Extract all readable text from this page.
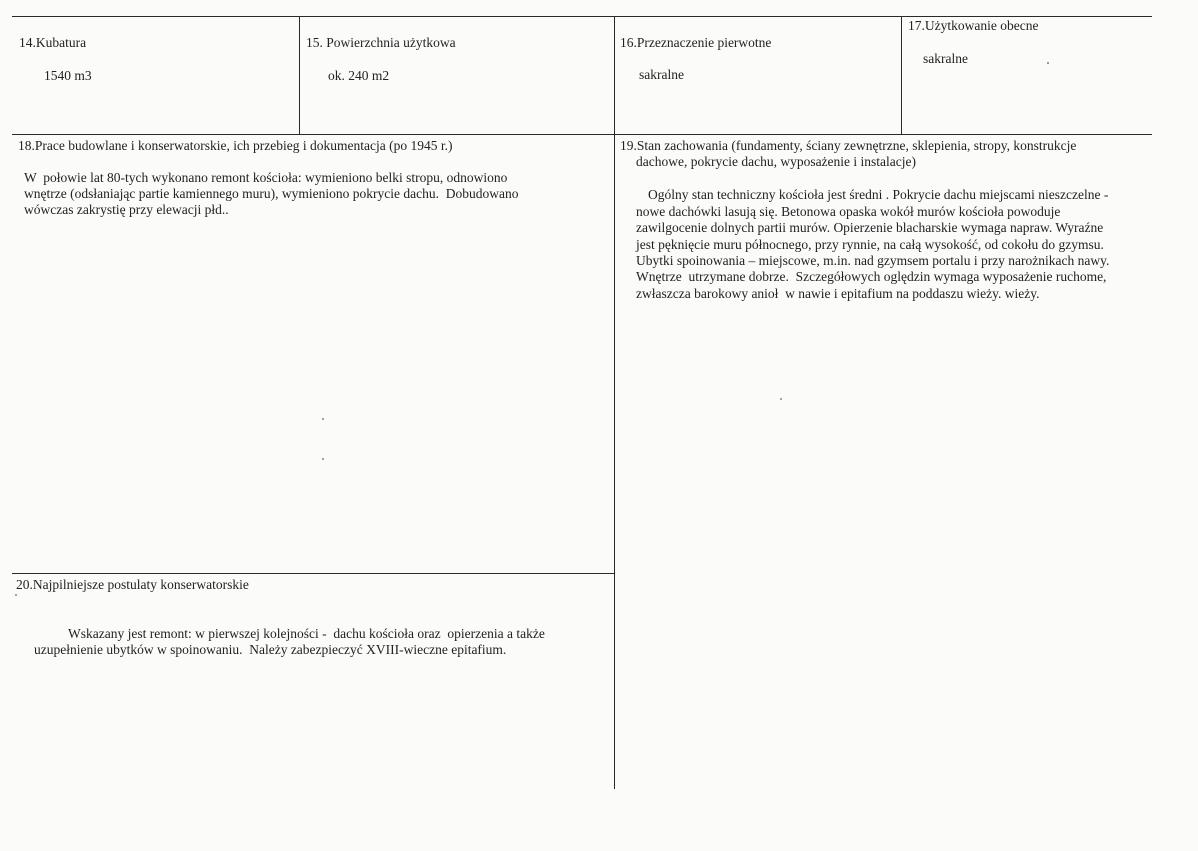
14.Kubatura
1540 m3
15. Powierzchnia użytkowa
ok. 240 m2
16.Przeznaczenie pierwotne
sakralne
17.Użytkowanie obecne
sakralne
18.Prace budowlane i konserwatorskie, ich przebieg i dokumentacja (po 1945 r.)
W  połowie lat 80-tych wykonano remont kościoła: wymieniono belki stropu, odnowiono
wnętrze (odsłaniając partie kamiennego muru), wymieniono pokrycie dachu.  Dobudowano
wówczas zakrystię przy elewacji płd..
19.Stan zachowania (fundamenty, ściany zewnętrzne, sklepienia, stropy, konstrukcje
dachowe, pokrycie dachu, wyposażenie i instalacje)
Ogólny stan techniczny kościoła jest średni . Pokrycie dachu miejscami nieszczelne -
nowe dachówki lasują się. Betonowa opaska wokół murów kościoła powoduje
zawilgocenie dolnych partii murów. Opierzenie blacharskie wymaga napraw. Wyraźne
jest pęknięcie muru północnego, przy rynnie, na całą wysokość, od cokołu do gzymsu.
Ubytki spoinowania – miejscowe, m.in. nad gzymsem portalu i przy narożnikach nawy.
Wnętrze  utrzymane dobrze.  Szczegółowych oględzin wymaga wyposażenie ruchome,
zwłaszcza barokowy anioł  w nawie i epitafium na poddaszu wieży. wieży.
20.Najpilniejsze postulaty konserwatorskie
Wskazany jest remont: w pierwszej kolejności -  dachu kościoła oraz  opierzenia a także
uzupełnienie ubytków w spoinowaniu.  Należy zabezpieczyć XVIII-wieczne epitafium.
